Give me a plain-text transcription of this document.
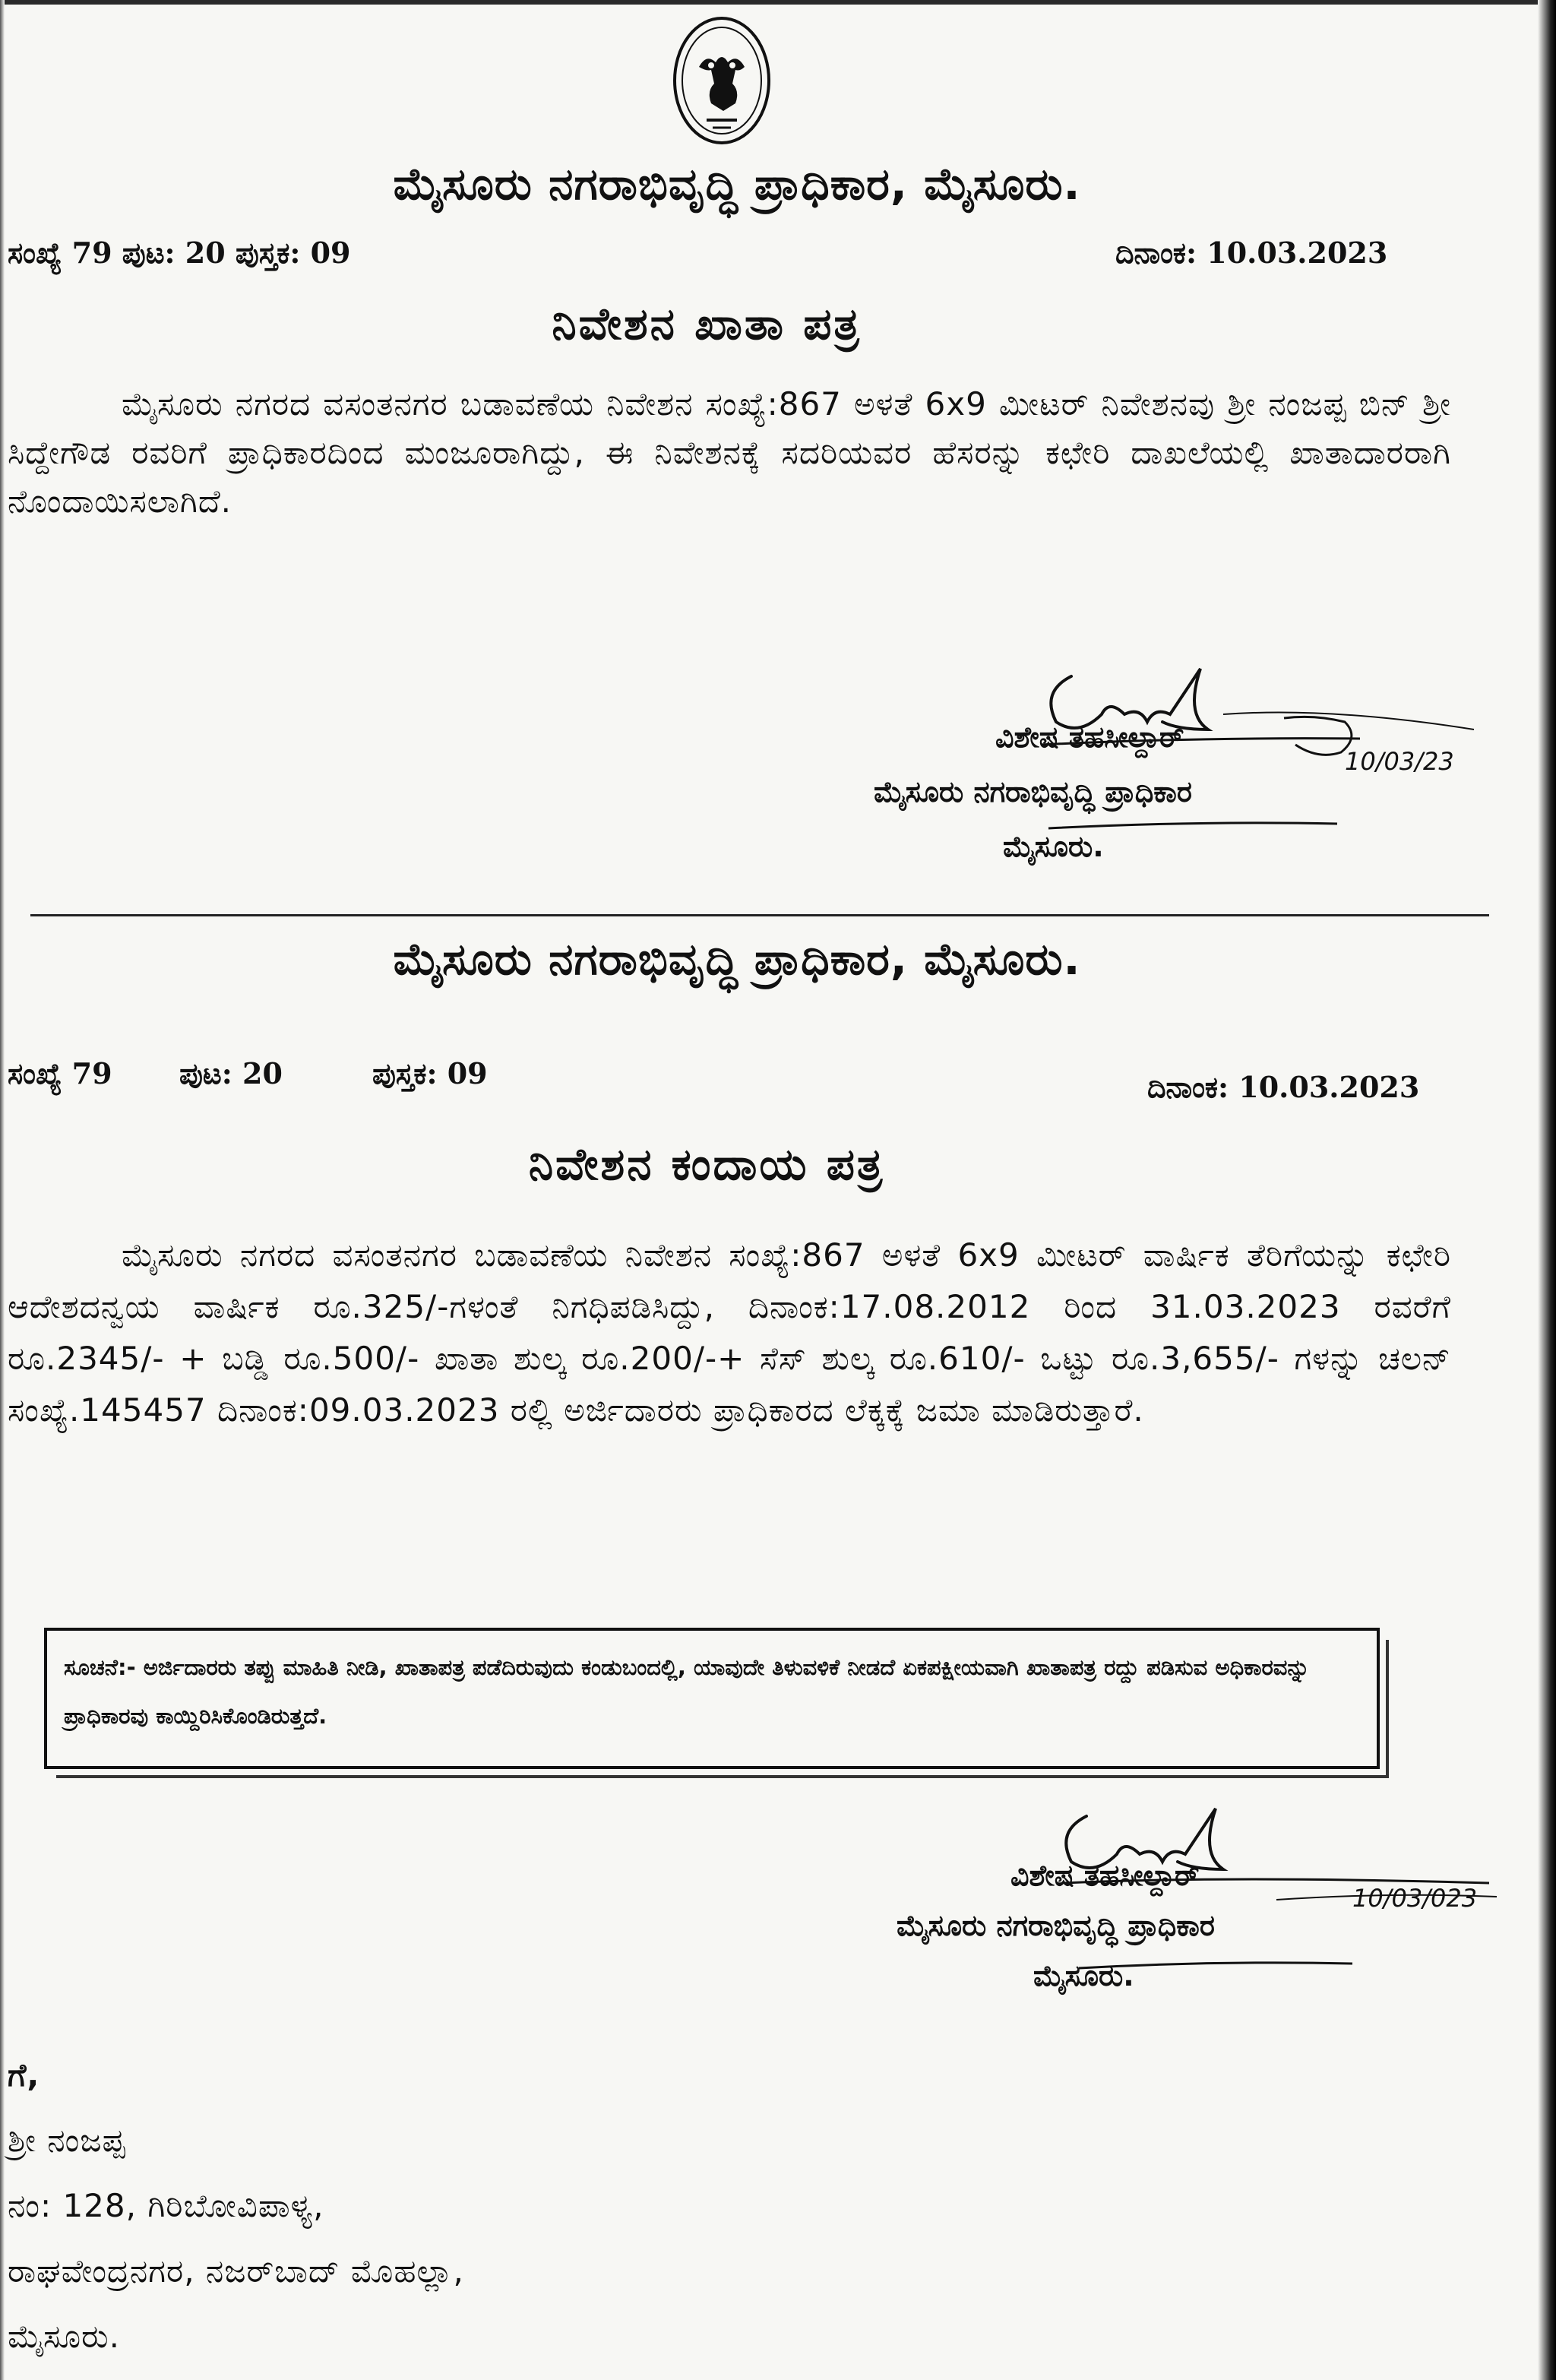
ಮೈಸೂರು ನಗರಾಭಿವೃದ್ಧಿ ಪ್ರಾಧಿಕಾರ, ಮೈಸೂರು.
ಸಂಖ್ಯೆ 79 ಪುಟ: 20 ಪುಸ್ತಕ: 09	ದಿನಾಂಕ: 10.03.2023
ನಿವೇಶನ ಖಾತಾ ಪತ್ರ
ಮೈಸೂರು ನಗರದ ವಸಂತನಗರ ಬಡಾವಣೆಯ ನಿವೇಶನ ಸಂಖ್ಯೆ:867 ಅಳತೆ 6x9 ಮೀಟರ್ ನಿವೇಶನವು ಶ್ರೀ ನಂಜಪ್ಪ ಬಿನ್ ಶ್ರೀ ಸಿದ್ದೇಗೌಡ ರವರಿಗೆ ಪ್ರಾಧಿಕಾರದಿಂದ ಮಂಜೂರಾಗಿದ್ದು, ಈ ನಿವೇಶನಕ್ಕೆ ಸದರಿಯವರ ಹೆಸರನ್ನು ಕಛೇರಿ ದಾಖಲೆಯಲ್ಲಿ ಖಾತಾದಾರರಾಗಿ ನೊಂದಾಯಿಸಲಾಗಿದೆ.
ವಿಶೇಷ ತಹಸೀಲ್ದಾರ್
ಮೈಸೂರು ನಗರಾಭಿವೃದ್ಧಿ ಪ್ರಾಧಿಕಾರ
ಮೈಸೂರು.
10/03/23
ಮೈಸೂರು ನಗರಾಭಿವೃದ್ಧಿ ಪ್ರಾಧಿಕಾರ, ಮೈಸೂರು.
ಸಂಖ್ಯೆ 79 ಪುಟ: 20	ಪುಸ್ತಕ: 09	ದಿನಾಂಕ: 10.03.2023
ನಿವೇಶನ ಕಂದಾಯ ಪತ್ರ
ಮೈಸೂರು ನಗರದ ವಸಂತನಗರ ಬಡಾವಣೆಯ ನಿವೇಶನ ಸಂಖ್ಯೆ:867 ಅಳತೆ 6x9 ಮೀಟರ್ ವಾರ್ಷಿಕ ತೆರಿಗೆಯನ್ನು ಕಛೇರಿ ಆದೇಶದನ್ವಯ ವಾರ್ಷಿಕ ರೂ.325/-ಗಳಂತೆ ನಿಗಧಿಪಡಿಸಿದ್ದು, ದಿನಾಂಕ:17.08.2012 ರಿಂದ 31.03.2023 ರವರೆಗೆ ರೂ.2345/- + ಬಡ್ಡಿ ರೂ.500/- ಖಾತಾ ಶುಲ್ಕ ರೂ.200/-+ ಸೆಸ್ ಶುಲ್ಕ ರೂ.610/- ಒಟ್ಟು ರೂ.3,655/- ಗಳನ್ನು ಚಲನ್ ಸಂಖ್ಯೆ.145457 ದಿನಾಂಕ:09.03.2023 ರಲ್ಲಿ ಅರ್ಜಿದಾರರು ಪ್ರಾಧಿಕಾರದ ಲೆಕ್ಕಕ್ಕೆ ಜಮಾ ಮಾಡಿರುತ್ತಾರೆ.
ಸೂಚನೆ:- ಅರ್ಜಿದಾರರು ತಪ್ಪು ಮಾಹಿತಿ ನೀಡಿ, ಖಾತಾಪತ್ರ ಪಡೆದಿರುವುದು ಕಂಡುಬಂದಲ್ಲಿ, ಯಾವುದೇ ತಿಳುವಳಿಕೆ ನೀಡದೆ ಏಕಪಕ್ಷೀಯವಾಗಿ ಖಾತಾಪತ್ರ ರದ್ದು ಪಡಿಸುವ ಅಧಿಕಾರವನ್ನು ಪ್ರಾಧಿಕಾರವು ಕಾಯ್ದಿರಿಸಿಕೊಂಡಿರುತ್ತದೆ.
ವಿಶೇಷ ತಹಸೀಲ್ದಾರ್
ಮೈಸೂರು ನಗರಾಭಿವೃದ್ಧಿ ಪ್ರಾಧಿಕಾರ
ಮೈಸೂರು.
10/03/023
ಗೆ,
ಶ್ರೀ ನಂಜಪ್ಪ
ನಂ: 128, ಗಿರಿಬೋವಿಪಾಳ್ಯ,
ರಾಘವೇಂದ್ರನಗರ, ನಜರ್‌ಬಾದ್ ಮೊಹಲ್ಲಾ,
ಮೈಸೂರು.
